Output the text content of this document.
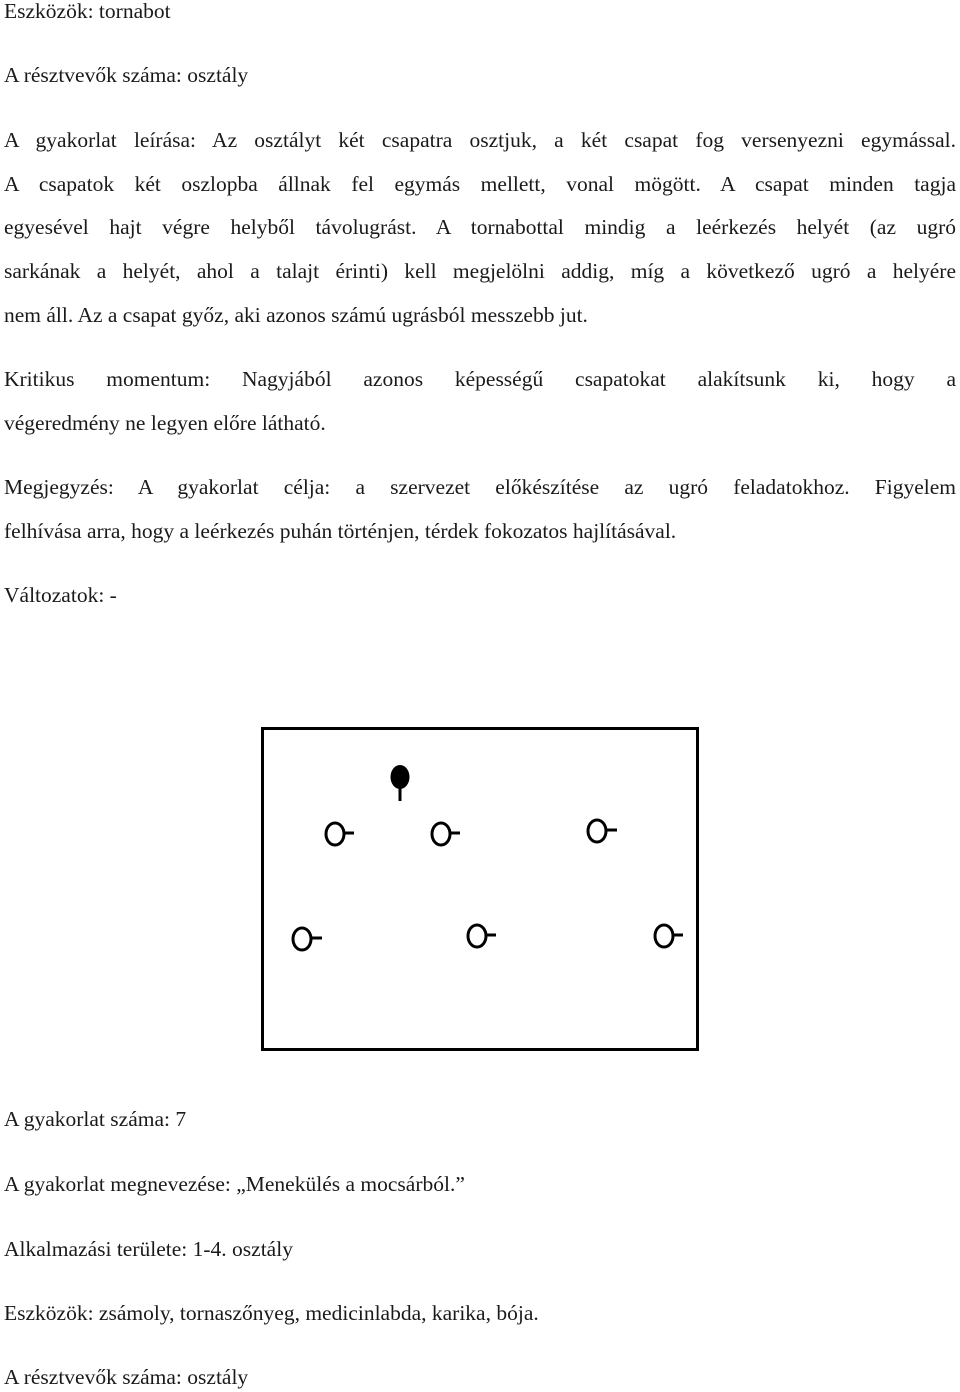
Eszközök: tornabot
A résztvevők száma: osztály
A gyakorlat leírása: Az osztályt két csapatra osztjuk, a két csapat fog versenyezni egymással.
A csapatok két oszlopba állnak fel egymás mellett, vonal mögött. A csapat minden tagja
egyesével hajt végre helyből távolugrást. A tornabottal mindig a leérkezés helyét (az ugró
sarkának a helyét, ahol a talajt érinti) kell megjelölni addig, míg a következő ugró a helyére
nem áll. Az a csapat győz, aki azonos számú ugrásból messzebb jut.
Kritikus momentum: Nagyjából azonos képességű csapatokat alakítsunk ki, hogy a
végeredmény ne legyen előre látható.
Megjegyzés: A gyakorlat célja: a szervezet előkészítése az ugró feladatokhoz. Figyelem
felhívása arra, hogy a leérkezés puhán történjen, térdek fokozatos hajlításával.
Változatok: -
A gyakorlat száma: 7
A gyakorlat megnevezése: „Menekülés a mocsárból.”
Alkalmazási területe: 1-4. osztály
Eszközök: zsámoly, tornaszőnyeg, medicinlabda, karika, bója.
A résztvevők száma: osztály
